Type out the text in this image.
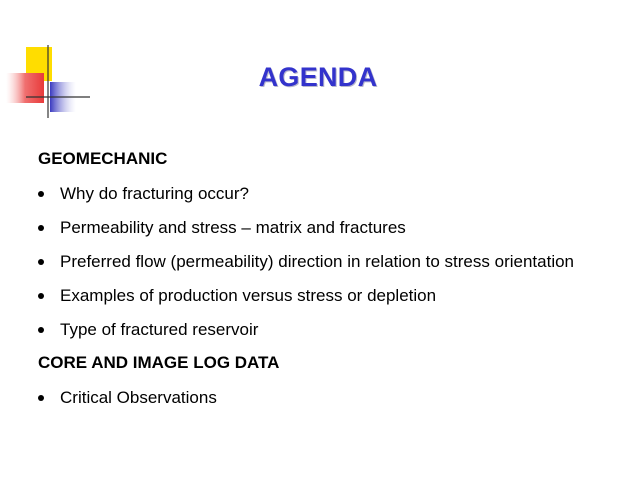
AGENDA
GEOMECHANIC
Why do fracturing occur?
Permeability and stress – matrix and fractures
Preferred flow (permeability) direction in relation to stress orientation
Examples of production versus stress or depletion
Type of fractured reservoir
CORE AND IMAGE LOG DATA
Critical Observations
